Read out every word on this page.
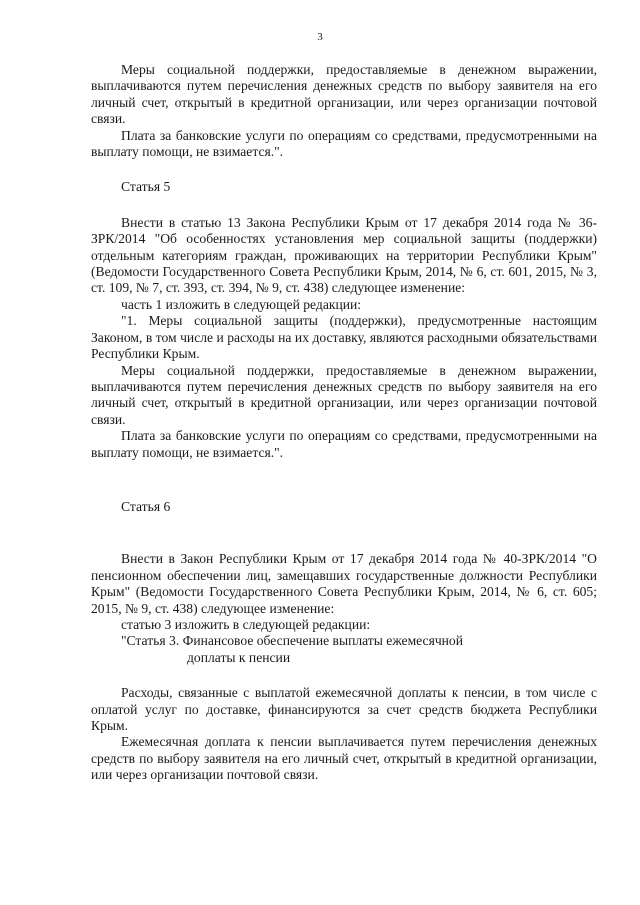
3

Меры социальной поддержки, предоставляемые в денежном выражении, выплачиваются путем перечисления денежных средств по выбору заявителя на его личный счет, открытый в кредитной организации, или через организации почтовой связи.

Плата за банковские услуги по операциям со средствами, предусмотренными на выплату помощи, не взимается.".

Статья 5

Внести в статью 13 Закона Республики Крым от 17 декабря 2014 года № 36-ЗРК/2014 "Об особенностях установления мер социальной защиты (поддержки) отдельным категориям граждан, проживающих на территории Республики Крым" (Ведомости Государственного Совета Республики Крым, 2014, № 6, ст. 601, 2015, № 3, ст. 109, № 7, ст. 393, ст. 394, № 9, ст. 438) следующее изменение:

часть 1 изложить в следующей редакции:

"1. Меры социальной защиты (поддержки), предусмотренные настоящим Законом, в том числе и расходы на их доставку, являются расходными обязательствами Республики Крым.

Меры социальной поддержки, предоставляемые в денежном выражении, выплачиваются путем перечисления денежных средств по выбору заявителя на его личный счет, открытый в кредитной организации, или через организации почтовой связи.

Плата за банковские услуги по операциям со средствами, предусмотренными на выплату помощи, не взимается.".

Статья 6

Внести в Закон Республики Крым от 17 декабря 2014 года № 40-ЗРК/2014 "О пенсионном обеспечении лиц, замещавших государственные должности Республики Крым" (Ведомости Государственного Совета Республики Крым, 2014, № 6, ст. 605; 2015, № 9, ст. 438) следующее изменение:

статью 3 изложить в следующей редакции:

"Статья 3. Финансовое обеспечение выплаты ежемесячной

доплаты к пенсии

Расходы, связанные с выплатой ежемесячной доплаты к пенсии, в том числе с оплатой услуг по доставке, финансируются за счет средств бюджета Республики Крым.

Ежемесячная доплата к пенсии выплачивается путем перечисления денежных средств по выбору заявителя на его личный счет, открытый в кредитной организации, или через организации почтовой связи.
